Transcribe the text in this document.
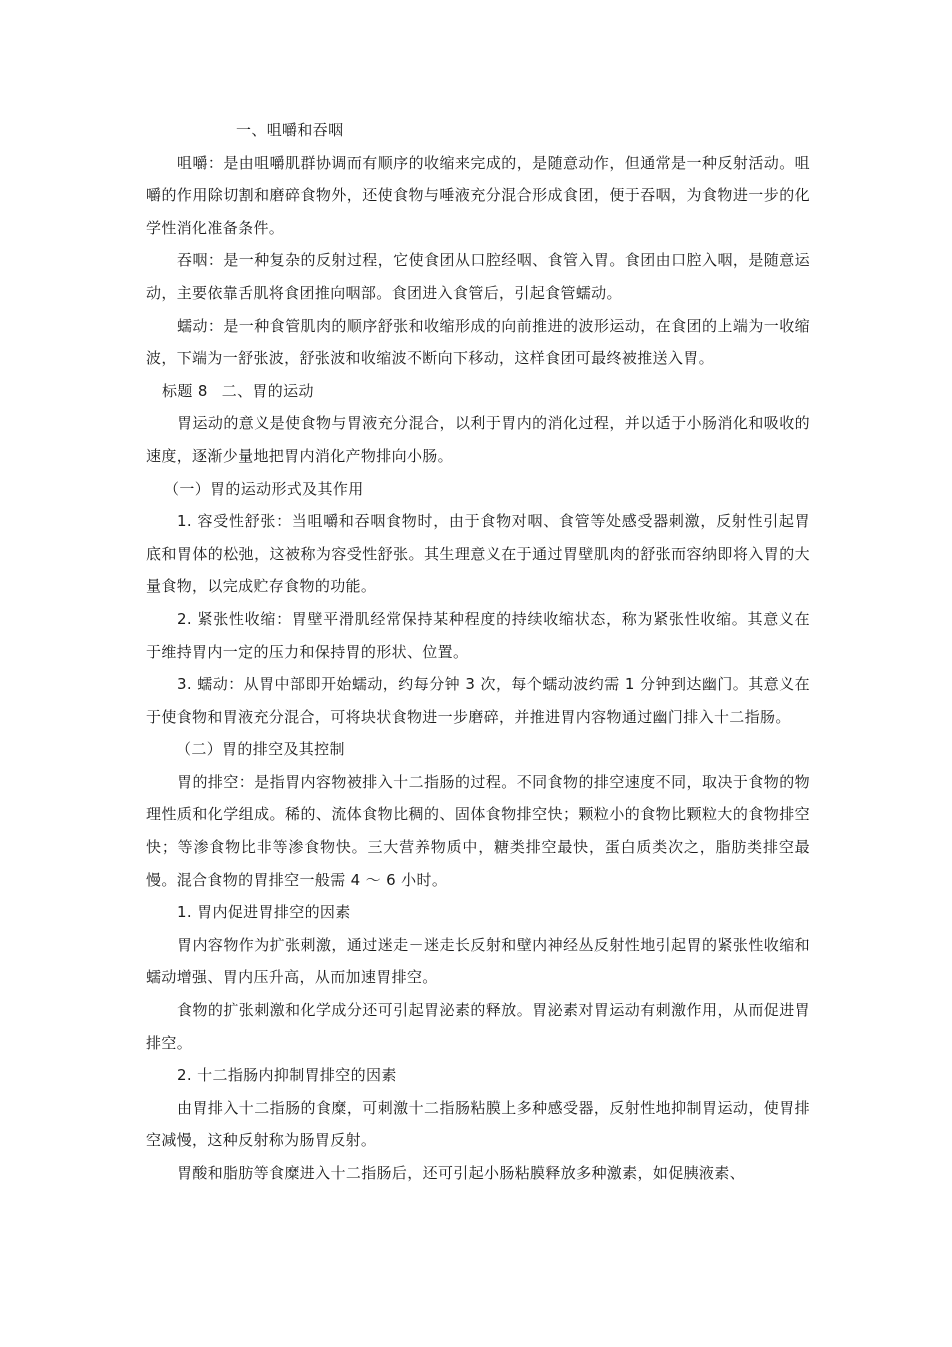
一、咀嚼和吞咽
咀嚼：是由咀嚼肌群协调而有顺序的收缩来完成的，是随意动作，但通常是一种反射活动。咀嚼的作用除切割和磨碎食物外，还使食物与唾液充分混合形成食团，便于吞咽，为食物进一步的化学性消化准备条件。
吞咽：是一种复杂的反射过程，它使食团从口腔经咽、食管入胃。食团由口腔入咽，是随意运动，主要依靠舌肌将食团推向咽部。食团进入食管后，引起食管蠕动。
蠕动：是一种食管肌肉的顺序舒张和收缩形成的向前推进的波形运动，在食团的上端为一收缩波，下端为一舒张波，舒张波和收缩波不断向下移动，这样食团可最终被推送入胃。
标题 8 二、胃的运动
胃运动的意义是使食物与胃液充分混合，以利于胃内的消化过程，并以适于小肠消化和吸收的速度，逐渐少量地把胃内消化产物排向小肠。
（一）胃的运动形式及其作用
1. 容受性舒张：当咀嚼和吞咽食物时，由于食物对咽、食管等处感受器刺激，反射性引起胃底和胃体的松弛，这被称为容受性舒张。其生理意义在于通过胃壁肌肉的舒张而容纳即将入胃的大量食物，以完成贮存食物的功能。
2. 紧张性收缩：胃壁平滑肌经常保持某种程度的持续收缩状态，称为紧张性收缩。其意义在于维持胃内一定的压力和保持胃的形状、位置。
3. 蠕动：从胃中部即开始蠕动，约每分钟 3 次，每个蠕动波约需 1 分钟到达幽门。其意义在于使食物和胃液充分混合，可将块状食物进一步磨碎，并推进胃内容物通过幽门排入十二指肠。
（二）胃的排空及其控制
胃的排空：是指胃内容物被排入十二指肠的过程。不同食物的排空速度不同，取决于食物的物理性质和化学组成。稀的、流体食物比稠的、固体食物排空快；颗粒小的食物比颗粒大的食物排空快；等渗食物比非等渗食物快。三大营养物质中，糖类排空最快，蛋白质类次之，脂肪类排空最慢。混合食物的胃排空一般需 4 ～ 6 小时。
1. 胃内促进胃排空的因素
胃内容物作为扩张刺激，通过迷走－迷走长反射和壁内神经丛反射性地引起胃的紧张性收缩和蠕动增强、胃内压升高，从而加速胃排空。
食物的扩张刺激和化学成分还可引起胃泌素的释放。胃泌素对胃运动有刺激作用，从而促进胃排空。
2. 十二指肠内抑制胃排空的因素
由胃排入十二指肠的食糜，可刺激十二指肠粘膜上多种感受器，反射性地抑制胃运动，使胃排空减慢，这种反射称为肠胃反射。
胃酸和脂肪等食糜进入十二指肠后，还可引起小肠粘膜释放多种激素，如促胰液素、
